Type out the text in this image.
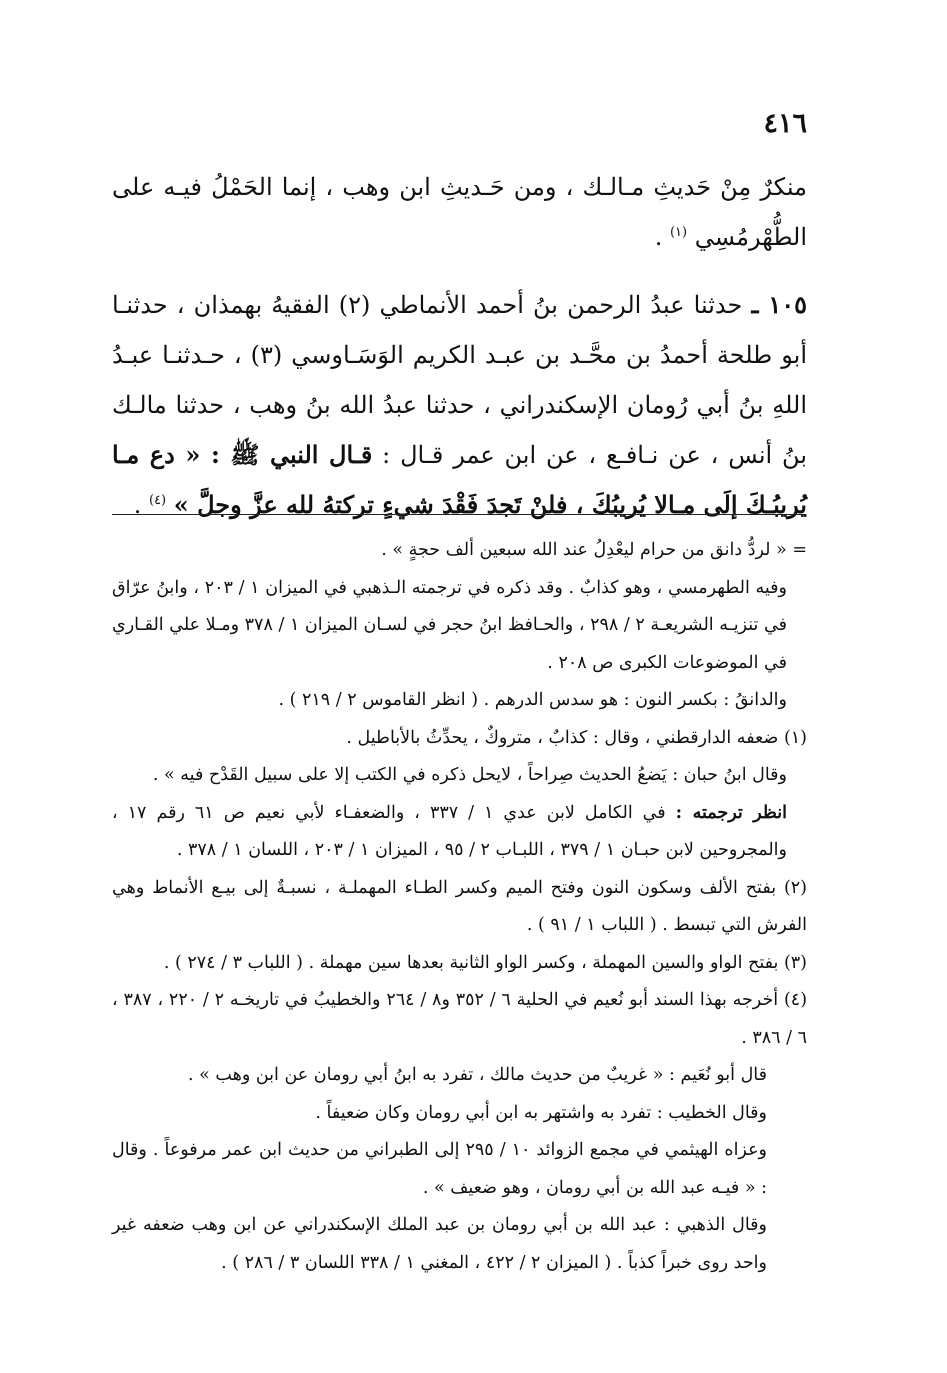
٤١٦

منكرٌ مِنْ حَديثِ مـالـك ، ومن حَـديثِ ابن وهب ، إنما الحَمْلُ فيـه على الطُّهْرمُسِي $^{(١)}$ .

١٠٥ ـ حدثنا عبدُ الرحمن بنُ أحمد الأنماطي (٢) الفقيهُ بهمذان ، حدثنـا أبو طلحة أحمدُ بن محَّـد بن عبـد الكريم الوَسَـاوسي (٣) ، حـدثنـا عبـدُ اللهِ بنُ أبي رُومان الإسكندراني ، حدثنا عبدُ الله بنُ وهب ، حدثنا مالـك بنُ أنس ، عن نـافـع ، عن ابن عمر قـال : قـال النبي ﷺ : « دع مـا يُريبُـكَ إلَى مـالا يُريبُكَ ، فلنْ تَجدَ فَقْدَ شيءٍ تركتهُ لله عزَّ وجلَّ » $^{(٤)}$ .

= « لردُّ دانق من حرام ليعْدِلُ عند الله سبعين ألف حجةٍ » .

وفيه الطهرمسي ، وهو كذابٌ . وقد ذكره في ترجمته الـذهبي في الميزان ١ / ٢٠٣ ، وابنُ عرّاق في تنزيـه الشريعـة ٢ / ٢٩٨ ، والحـافظ ابنُ حجر في لسـان الميزان ١ / ٣٧٨ ومـلا علي القـاري في الموضوعات الكبرى ص ٢٠٨ .

والدانقُ : بكسر النون : هو سدس الدرهم . ( انظر القاموس ٢ / ٢١٩ ) .

(١) ضعفه الدارقطني ، وقال : كذابٌ ، متروكٌ ، يحدِّثُ بالأباطيل .

وقال ابنُ حبان : يَضعُ الحديث صِراحاً ، لايحل ذكره في الكتب إلا على سبيل القَدْح فيه » .

انظر ترجمته : في الكامل لابن عدي ١ / ٣٣٧ ، والضعفـاء لأبي نعيم ص ٦١ رقم ١٧ ، والمجروحين لابن حبـان ١ / ٣٧٩ ، اللبـاب ٢ / ٩٥ ، الميزان ١ / ٢٠٣ ، اللسان ١ / ٣٧٨ .

(٢) بفتح الألف وسكون النون وفتح الميم وكسر الطـاء المهملـة ، نسبـةٌ إلى بيـع الأنماط وهي الفرش التي تبسط . ( اللباب ١ / ٩١ ) .

(٣) بفتح الواو والسين المهملة ، وكسر الواو الثانية بعدها سين مهملة . ( اللباب ٣ / ٢٧٤ ) .

(٤) أخرجه بهذا السند أبو نُعيم في الحلية ٦ / ٣٥٢ و٨ / ٢٦٤ والخطيبُ في تاريخـه ٢ / ٢٢٠ ، ٣٨٧ ، ٦ / ٣٨٦ .

قال أبو نُعَيم : « غريبٌ من حديث مالك ، تفرد به ابنُ أبي رومان عن ابن وهب » .

وقال الخطيب : تفرد به واشتهر به ابن أبي رومان وكان ضعيفاً .

وعزاه الهيثمي في مجمع الزوائد ١٠ / ٢٩٥ إلى الطبراني من حديث ابن عمر مرفوعاً . وقال : « فيـه عبد الله بن أبي رومان ، وهو ضعيف » .

وقال الذهبي : عبد الله بن أبي رومان بن عبد الملك الإسكندراني عن ابن وهب ضعفه غير واحد روى خبراً كذباً . ( الميزان ٢ / ٤٢٢ ، المغني ١ / ٣٣٨ اللسان ٣ / ٢٨٦ ) .
